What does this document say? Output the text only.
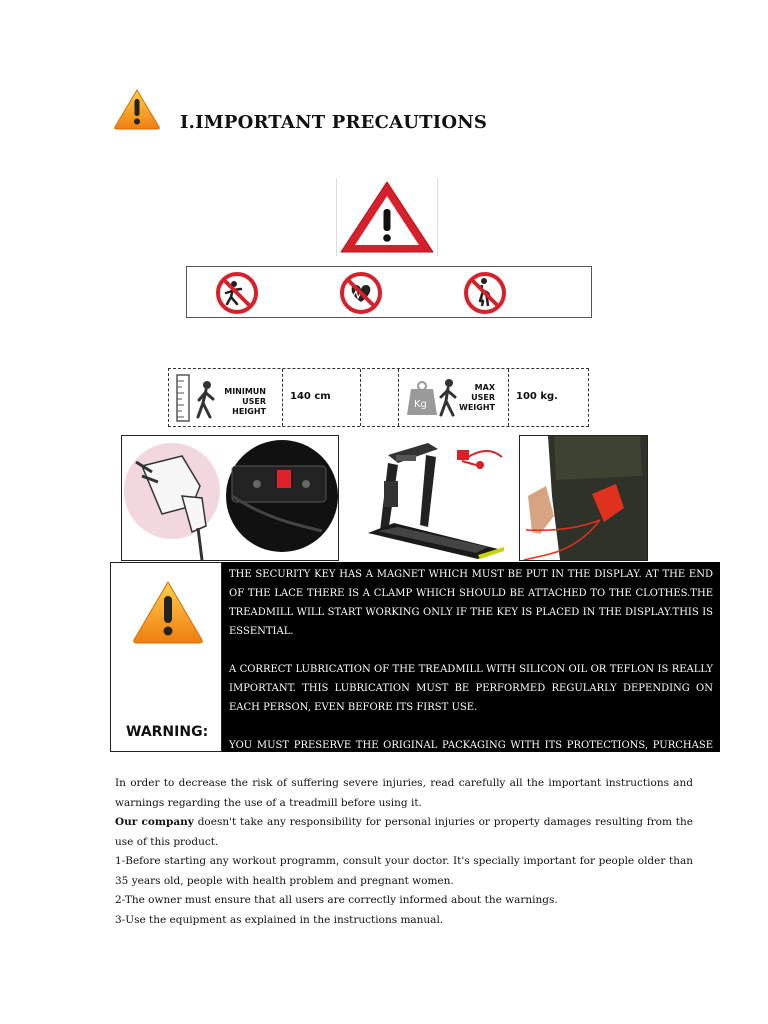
I.IMPORTANT PRECAUTIONS
MINIMUN
USER
HEIGHT
140 cm
Kg
MAX
USER
WEIGHT
100 kg.
WARNING:

THE SECURITY KEY HAS A MAGNET WHICH MUST BE PUT IN THE DISPLAY. AT THE END OF THE LACE THERE IS A CLAMP WHICH SHOULD BE ATTACHED TO THE CLOTHES.THE TREADMILL WILL START WORKING ONLY IF THE KEY IS PLACED IN THE DISPLAY.THIS IS ESSENTIAL.

A CORRECT LUBRICATION OF THE TREADMILL WITH SILICON OIL OR TEFLON IS REALLY IMPORTANT. THIS LUBRICATION MUST BE PERFORMED REGULARLY DEPENDING ON EACH PERSON, EVEN BEFORE ITS FIRST USE.

YOU MUST PRESERVE THE ORIGINAL PACKAGING WITH ITS PROTECTIONS, PURCHASE RECEIPT, MANUAL AND COMPONENTS DURING THE GUARANTEE PERIOD.

In order to decrease the risk of suffering severe injuries, read carefully all the important instructions and warnings regarding the use of a treadmill before using it.

Our company doesn't take any responsibility for personal injuries or property damages resulting from the use of this product.

1-Before starting any workout programm, consult your doctor. It's specially important for people older than 35 years old, people with health problem and pregnant women.

2-The owner must ensure that all users are correctly informed about the warnings.

3-Use the equipment as explained in the instructions manual.
